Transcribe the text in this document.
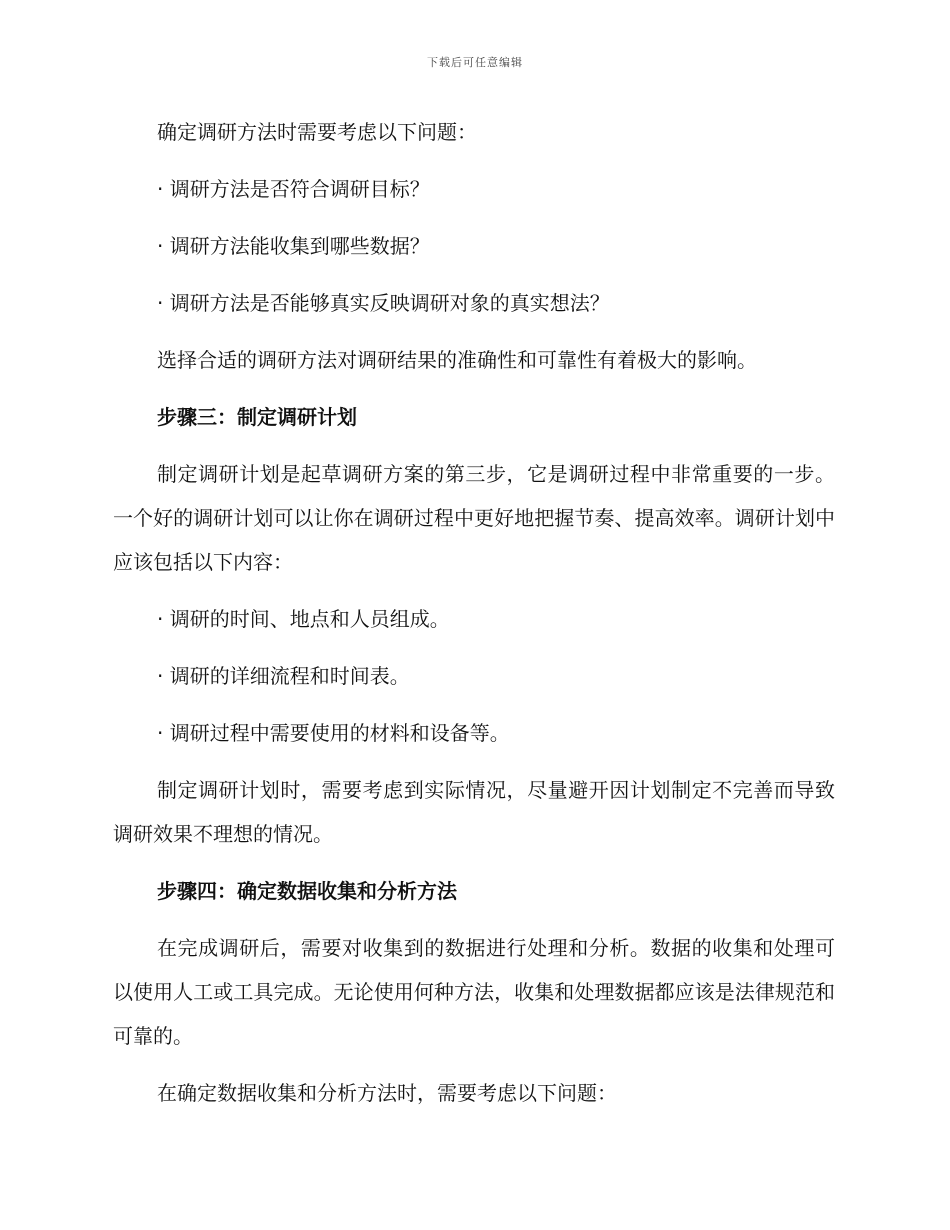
下载后可任意编辑
确定调研方法时需要考虑以下问题：
· 调研方法是否符合调研目标？
· 调研方法能收集到哪些数据？
· 调研方法是否能够真实反映调研对象的真实想法？
选择合适的调研方法对调研结果的准确性和可靠性有着极大的影响。
步骤三：制定调研计划
制定调研计划是起草调研方案的第三步，它是调研过程中非常重要的一步。一个好的调研计划可以让你在调研过程中更好地把握节奏、提高效率。调研计划中应该包括以下内容：
· 调研的时间、地点和人员组成。
· 调研的详细流程和时间表。
· 调研过程中需要使用的材料和设备等。
制定调研计划时，需要考虑到实际情况，尽量避开因计划制定不完善而导致调研效果不理想的情况。
步骤四：确定数据收集和分析方法
在完成调研后，需要对收集到的数据进行处理和分析。数据的收集和处理可以使用人工或工具完成。无论使用何种方法，收集和处理数据都应该是法律规范和可靠的。
在确定数据收集和分析方法时，需要考虑以下问题：
